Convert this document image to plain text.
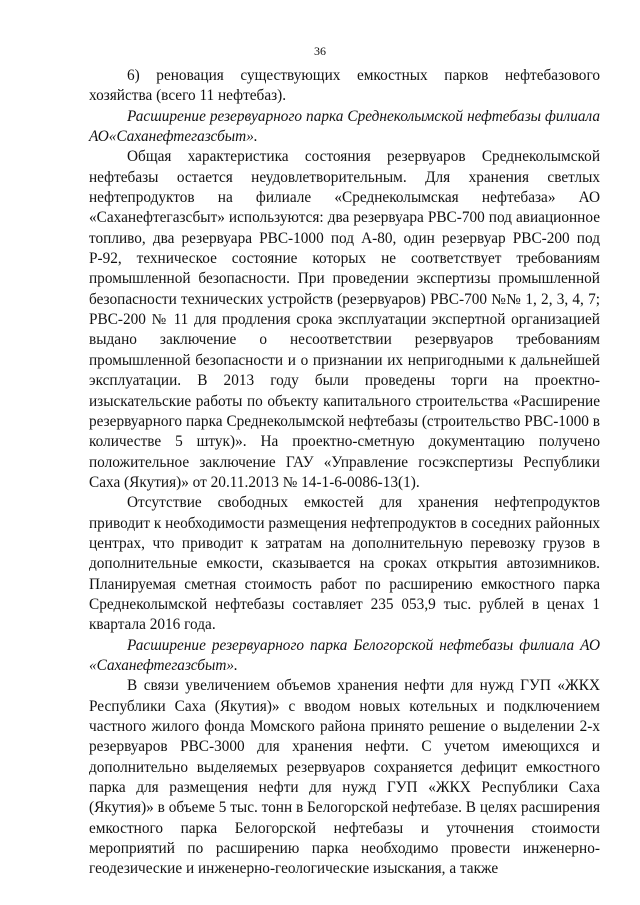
36

6) реновация существующих емкостных парков нефтебазового хозяйства (всего 11 нефтебаз).

Расширение резервуарного парка Среднеколымской нефтебазы филиала АО«Саханефтегазсбыт».

Общая характеристика состояния резервуаров Среднеколымской нефтебазы остается неудовлетворительным. Для хранения светлых нефтепродуктов на филиале «Среднеколымская нефтебаза» АО «Саханефтегазсбыт» используются: два резервуара РВС-700 под авиационное топливо, два резервуара РВС-1000 под А-80, один резервуар РВС-200 под Р-92, техническое состояние которых не соответствует требованиям промышленной безопасности. При проведении экспертизы промышленной безопасности технических устройств (резервуаров) РВС-700 №№ 1, 2, 3, 4, 7; РВС-200 № 11 для продления срока эксплуатации экспертной организацией выдано заключение о несоответствии резервуаров требованиям промышленной безопасности и о признании их непригодными к дальнейшей эксплуатации. В 2013 году были проведены торги на проектно-изыскательские работы по объекту капитального строительства «Расширение резервуарного парка Среднеколымской нефтебазы (строительство РВС-1000 в количестве 5 штук)». На проектно-сметную документацию получено положительное заключение ГАУ «Управление госэкспертизы Республики Саха (Якутия)» от 20.11.2013 № 14-1-6-0086-13(1).

Отсутствие свободных емкостей для хранения нефтепродуктов приводит к необходимости размещения нефтепродуктов в соседних районных центрах, что приводит к затратам на дополнительную перевозку грузов в дополнительные емкости, сказывается на сроках открытия автозимников. Планируемая сметная стоимость работ по расширению емкостного парка Среднеколымской нефтебазы составляет 235 053,9 тыс. рублей в ценах 1 квартала 2016 года.

Расширение резервуарного парка Белогорской нефтебазы филиала АО «Саханефтегазсбыт».

В связи увеличением объемов хранения нефти для нужд ГУП «ЖКХ Республики Саха (Якутия)» с вводом новых котельных и подключением частного жилого фонда Момского района принято решение о выделении 2-х резервуаров РВС-3000 для хранения нефти. С учетом имеющихся и дополнительно выделяемых резервуаров сохраняется дефицит емкостного парка для размещения нефти для нужд ГУП «ЖКХ Республики Саха (Якутия)» в объеме 5 тыс. тонн в Белогорской нефтебазе. В целях расширения емкостного парка Белогорской нефтебазы и уточнения стоимости мероприятий по расширению парка необходимо провести инженерно-геодезические и инженерно-геологические изыскания, а также
